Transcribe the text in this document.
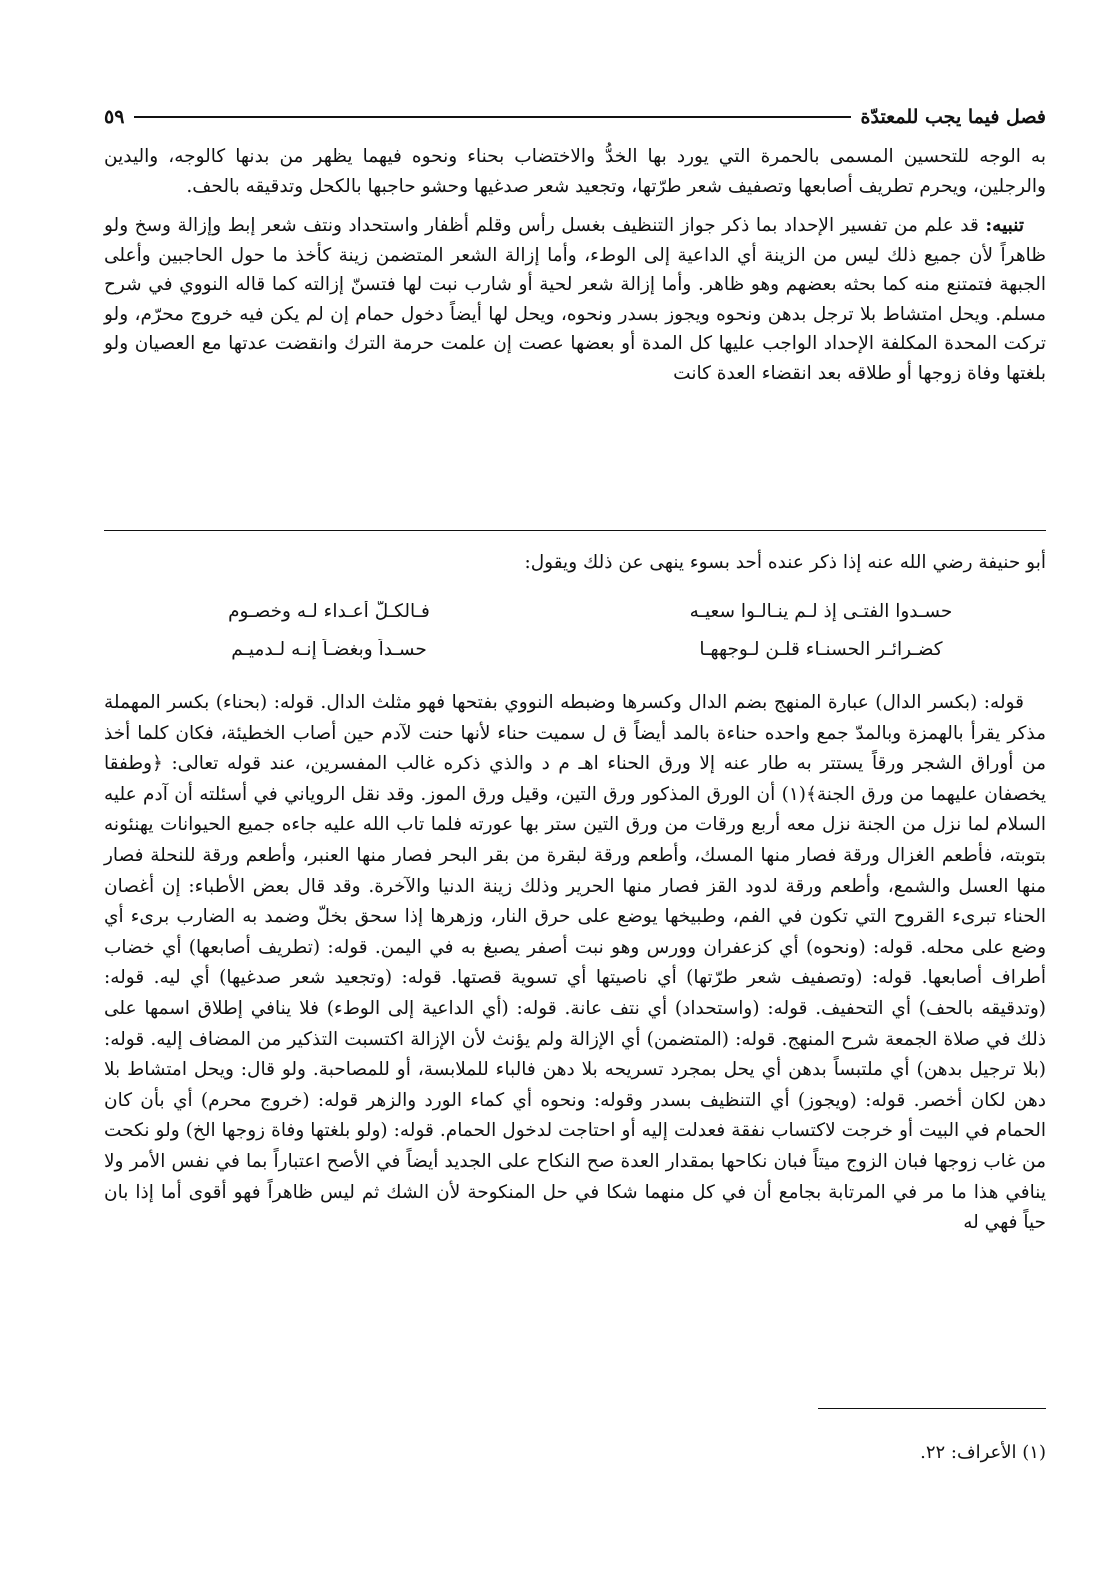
فصل فيما يجب للمعتدّة
٥٩

به الوجه للتحسين المسمى بالحمرة التي يورد بها الخدُّ والاختضاب بحناء ونحوه فيهما يظهر من بدنها كالوجه، واليدين والرجلين، ويحرم تطريف أصابعها وتصفيف شعر طرّتها، وتجعيد شعر صدغيها وحشو حاجبها بالكحل وتدقيقه بالحف.

تنبيه: قد علم من تفسير الإحداد بما ذكر جواز التنظيف بغسل رأس وقلم أظفار واستحداد ونتف شعر إبط وإزالة وسخ ولو ظاهراً لأن جميع ذلك ليس من الزينة أي الداعية إلى الوطء، وأما إزالة الشعر المتضمن زينة كأخذ ما حول الحاجبين وأعلى الجبهة فتمتنع منه كما بحثه بعضهم وهو ظاهر. وأما إزالة شعر لحية أو شارب نبت لها فتسنّ إزالته كما قاله النووي في شرح مسلم. ويحل امتشاط بلا ترجل بدهن ونحوه ويجوز بسدر ونحوه، ويحل لها أيضاً دخول حمام إن لم يكن فيه خروج محرّم، ولو تركت المحدة المكلفة الإحداد الواجب عليها كل المدة أو بعضها عصت إن علمت حرمة الترك وانقضت عدتها مع العصيان ولو بلغتها وفاة زوجها أو طلاقه بعد انقضاء العدة كانت

أبو حنيفة رضي الله عنه إذا ذكر عنده أحد بسوء ينهى عن ذلك ويقول:

حسـدوا الفتـى إذ لـم ينـالـوا سعيـه
فـالكـلّ أعـداء لـه وخصـوم
كضـرائـر الحسنـاء قلـن لـوجههـا
حسـداً وبغضـاً إنـه لـدميـم

قوله: (بكسر الدال) عبارة المنهج بضم الدال وكسرها وضبطه النووي بفتحها فهو مثلث الدال. قوله: (بحناء) بكسر المهملة مذكر يقرأ بالهمزة وبالمدّ جمع واحده حناءة بالمد أيضاً ق ل سميت حناء لأنها حنت لآدم حين أصاب الخطيئة، فكان كلما أخذ من أوراق الشجر ورقاً يستتر به طار عنه إلا ورق الحناء اهـ م د والذي ذكره غالب المفسرين، عند قوله تعالى: ﴿وطفقا يخصفان عليهما من ورق الجنة﴾(١) أن الورق المذكور ورق التين، وقيل ورق الموز. وقد نقل الروياني في أسئلته أن آدم عليه السلام لما نزل من الجنة نزل معه أربع ورقات من ورق التين ستر بها عورته فلما تاب الله عليه جاءه جميع الحيوانات يهنئونه بتوبته، فأطعم الغزال ورقة فصار منها المسك، وأطعم ورقة لبقرة من بقر البحر فصار منها العنبر، وأطعم ورقة للنحلة فصار منها العسل والشمع، وأطعم ورقة لدود القز فصار منها الحرير وذلك زينة الدنيا والآخرة. وقد قال بعض الأطباء: إن أغصان الحناء تبرىء القروح التي تكون في الفم، وطبيخها يوضع على حرق النار، وزهرها إذا سحق بخلّ وضمد به الضارب برىء أي وضع على محله. قوله: (ونحوه) أي كزعفران وورس وهو نبت أصفر يصبغ به في اليمن. قوله: (تطريف أصابعها) أي خضاب أطراف أصابعها. قوله: (وتصفيف شعر طرّتها) أي ناصيتها أي تسوية قصتها. قوله: (وتجعيد شعر صدغيها) أي ليه. قوله: (وتدقيقه بالحف) أي التحفيف. قوله: (واستحداد) أي نتف عانة. قوله: (أي الداعية إلى الوطء) فلا ينافي إطلاق اسمها على ذلك في صلاة الجمعة شرح المنهج. قوله: (المتضمن) أي الإزالة ولم يؤنث لأن الإزالة اكتسبت التذكير من المضاف إليه. قوله: (بلا ترجيل بدهن) أي ملتبساً بدهن أي يحل بمجرد تسريحه بلا دهن فالباء للملابسة، أو للمصاحبة. ولو قال: ويحل امتشاط بلا دهن لكان أخصر. قوله: (ويجوز) أي التنظيف بسدر وقوله: ونحوه أي كماء الورد والزهر قوله: (خروج محرم) أي بأن كان الحمام في البيت أو خرجت لاكتساب نفقة فعدلت إليه أو احتاجت لدخول الحمام. قوله: (ولو بلغتها وفاة زوجها الخ) ولو نكحت من غاب زوجها فبان الزوج ميتاً فبان نكاحها بمقدار العدة صح النكاح على الجديد أيضاً في الأصح اعتباراً بما في نفس الأمر ولا ينافي هذا ما مر في المرتابة بجامع أن في كل منهما شكا في حل المنكوحة لأن الشك ثم ليس ظاهراً فهو أقوى أما إذا بان حياً فهي له

(١) الأعراف: ٢٢.
